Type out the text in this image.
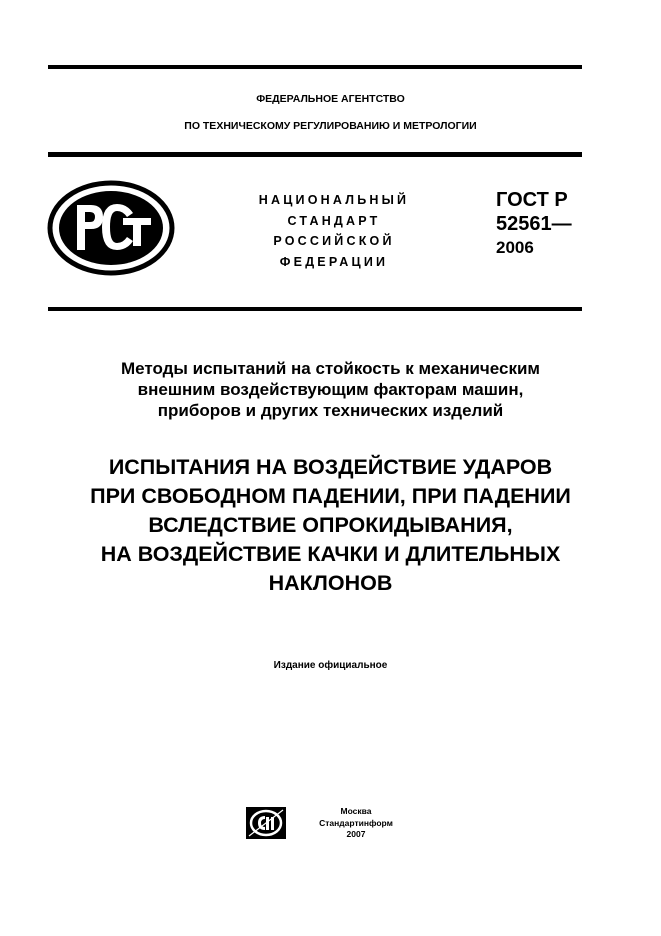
ФЕДЕРАЛЬНОЕ АГЕНТСТВО
ПО ТЕХНИЧЕСКОМУ РЕГУЛИРОВАНИЮ И МЕТРОЛОГИИ
НАЦИОНАЛЬНЫЙ
СТАНДАРТ
РОССИЙСКОЙ
ФЕДЕРАЦИИ
ГОСТ Р
52561—
2006
Методы испытаний на стойкость к механическим
внешним воздействующим факторам машин,
приборов и других технических изделий
ИСПЫТАНИЯ НА ВОЗДЕЙСТВИЕ УДАРОВ
ПРИ СВОБОДНОМ ПАДЕНИИ, ПРИ ПАДЕНИИ
ВСЛЕДСТВИЕ ОПРОКИДЫВАНИЯ,
НА ВОЗДЕЙСТВИЕ КАЧКИ И ДЛИТЕЛЬНЫХ
НАКЛОНОВ
Издание официальное
Москва
Стандартинформ
2007
